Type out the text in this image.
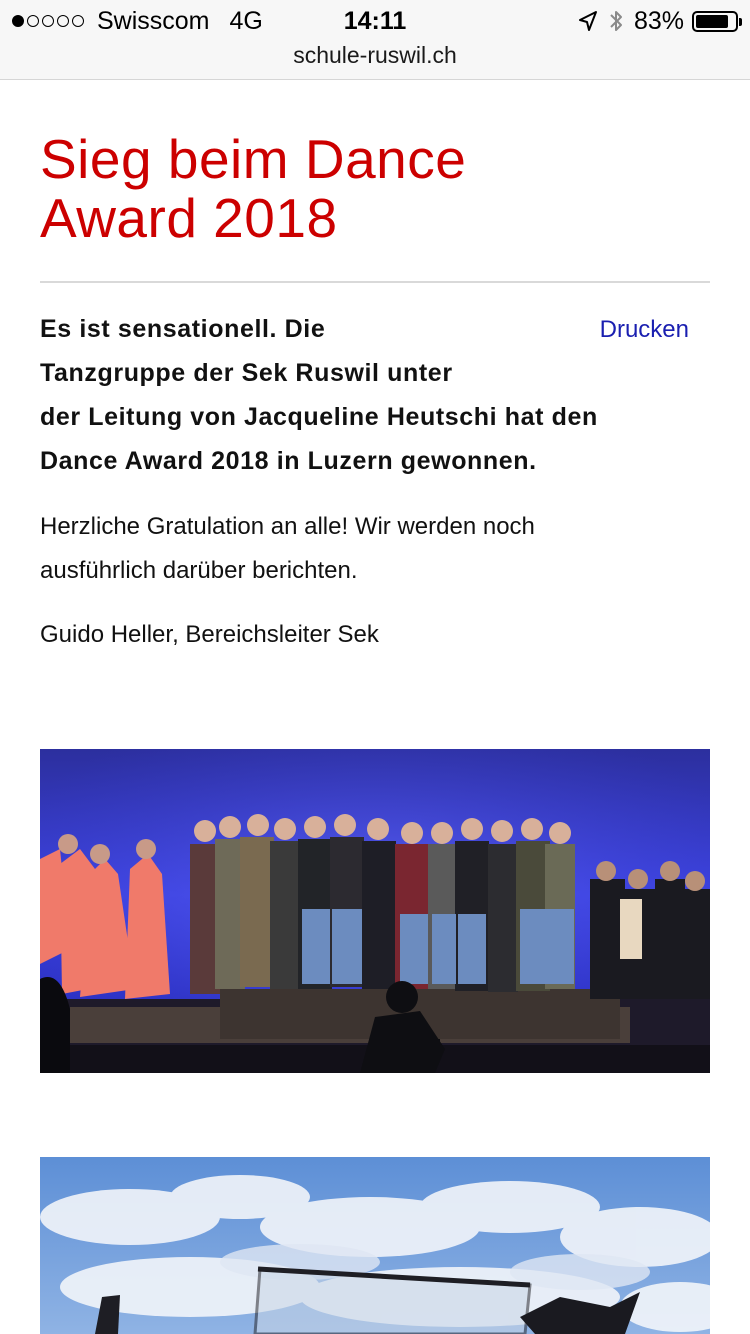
Swisscom 4G	14:11	83%
schule-ruswil.ch
Sieg beim Dance
Award 2018
Drucken

Es ist sensationell. Die
Tanzgruppe der Sek Ruswil unter
der Leitung von Jacqueline Heutschi hat den
Dance Award 2018 in Luzern gewonnen.

Herzliche Gratulation an alle! Wir werden noch
ausführlich darüber berichten.

Guido Heller, Bereichsleiter Sek
